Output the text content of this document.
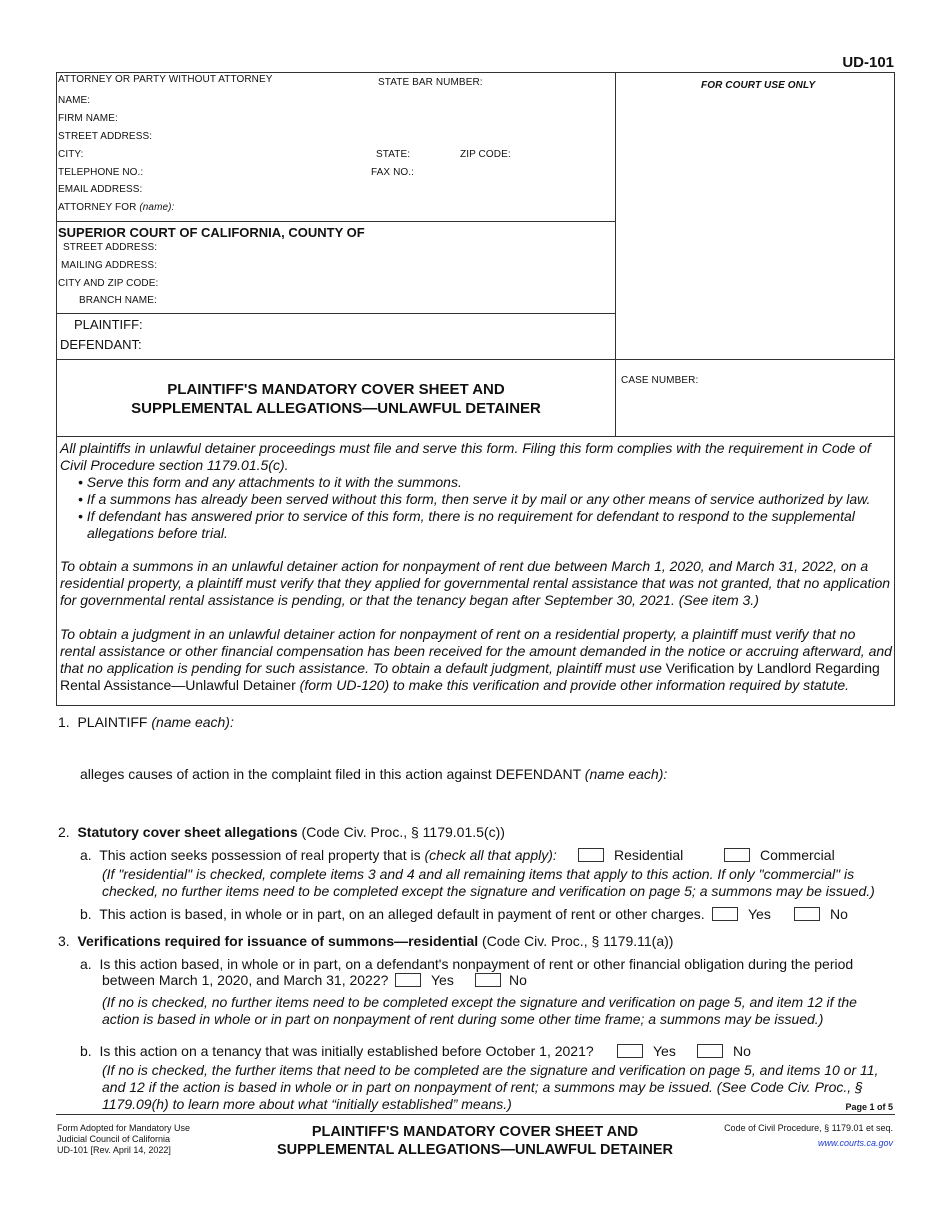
UD-101
ATTORNEY OR PARTY WITHOUT ATTORNEY	STATE BAR NUMBER:	FOR COURT USE ONLY
NAME:
FIRM NAME:
STREET ADDRESS:
CITY:	STATE:	ZIP CODE:
TELEPHONE NO.:	FAX NO.:
EMAIL ADDRESS:
ATTORNEY FOR (name):
SUPERIOR COURT OF CALIFORNIA, COUNTY OF
STREET ADDRESS:
MAILING ADDRESS:
CITY AND ZIP CODE:
BRANCH NAME:
PLAINTIFF:
DEFENDANT:
PLAINTIFF'S MANDATORY COVER SHEET AND
SUPPLEMENTAL ALLEGATIONS—UNLAWFUL DETAINER
CASE NUMBER:
All plaintiffs in unlawful detainer proceedings must file and serve this form. Filing this form complies with the requirement in Code of Civil Procedure section 1179.01.5(c).
• Serve this form and any attachments to it with the summons.
• If a summons has already been served without this form, then serve it by mail or any other means of service authorized by law.
• If defendant has answered prior to service of this form, there is no requirement for defendant to respond to the supplemental allegations before trial.
To obtain a summons in an unlawful detainer action for nonpayment of rent due between March 1, 2020, and March 31, 2022, on a residential property, a plaintiff must verify that they applied for governmental rental assistance that was not granted, that no application for governmental rental assistance is pending, or that the tenancy began after September 30, 2021. (See item 3.)
To obtain a judgment in an unlawful detainer action for nonpayment of rent on a residential property, a plaintiff must verify that no rental assistance or other financial compensation has been received for the amount demanded in the notice or accruing afterward, and that no application is pending for such assistance. To obtain a default judgment, plaintiff must use Verification by Landlord Regarding Rental Assistance—Unlawful Detainer (form UD-120) to make this verification and provide other information required by statute.
1. PLAINTIFF (name each):
alleges causes of action in the complaint filed in this action against DEFENDANT (name each):
2. Statutory cover sheet allegations (Code Civ. Proc., § 1179.01.5(c))
a. This action seeks possession of real property that is (check all that apply):	Residential	Commercial
(If "residential" is checked, complete items 3 and 4 and all remaining items that apply to this action. If only "commercial" is checked, no further items need to be completed except the signature and verification on page 5; a summons may be issued.)
b. This action is based, in whole or in part, on an alleged default in payment of rent or other charges.	Yes	No
3. Verifications required for issuance of summons—residential (Code Civ. Proc., § 1179.11(a))
a. Is this action based, in whole or in part, on a defendant's nonpayment of rent or other financial obligation during the period
between March 1, 2020, and March 31, 2022?	Yes	No
(If no is checked, no further items need to be completed except the signature and verification on page 5, and item 12 if the action is based in whole or in part on nonpayment of rent during some other time frame; a summons may be issued.)
b. Is this action on a tenancy that was initially established before October 1, 2021?	Yes	No
(If no is checked, the further items that need to be completed are the signature and verification on page 5, and items 10 or 11, and 12 if the action is based in whole or in part on nonpayment of rent; a summons may be issued. (See Code Civ. Proc., § 1179.09(h) to learn more about what “initially established” means.)	Page 1 of 5
Form Adopted for Mandatory Use
Judicial Council of California
UD-101 [Rev. April 14, 2022]
PLAINTIFF'S MANDATORY COVER SHEET AND
SUPPLEMENTAL ALLEGATIONS—UNLAWFUL DETAINER
Code of Civil Procedure, § 1179.01 et seq.
www.courts.ca.gov
